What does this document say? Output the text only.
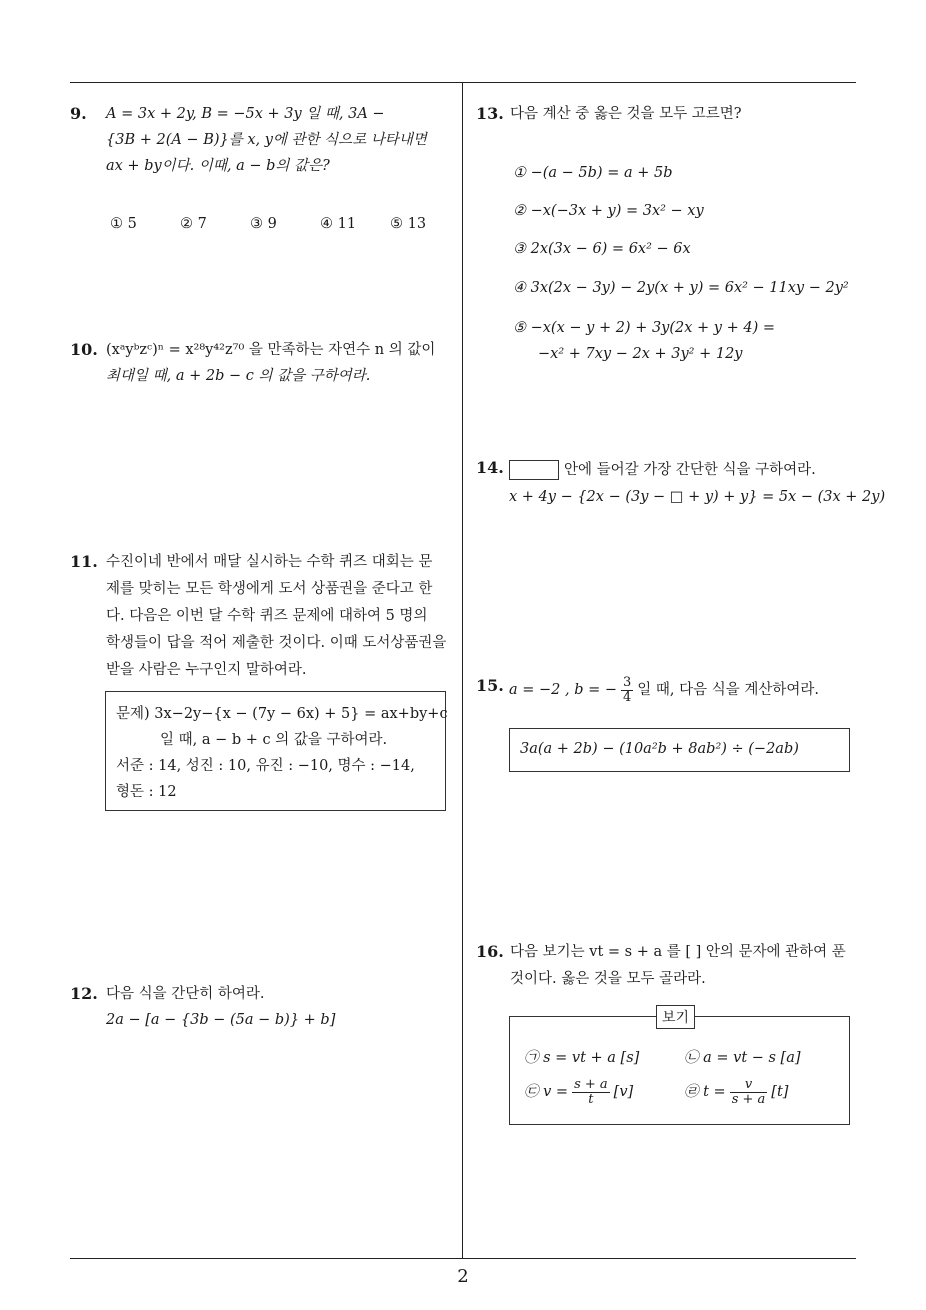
9. A = 3x + 2y, B = −5x + 3y 일 때, 3A −
{3B + 2(A − B)}를 x, y에 관한 식으로 나타내면
ax + by이다. 이때, a − b의 값은?
① 5	② 7	③ 9	④ 11 ⑤ 13
10. (xᵃyᵇzᶜ)ⁿ = x²⁸y⁴²z⁷⁰ 을 만족하는 자연수 n 의 값이
최대일 때, a + 2b − c 의 값을 구하여라.
11. 수진이네 반에서 매달 실시하는 수학 퀴즈 대회는 문
제를 맞히는 모든 학생에게 도서 상품권을 준다고 한
다. 다음은 이번 달 수학 퀴즈 문제에 대하여 5 명의
학생들이 답을 적어 제출한 것이다. 이때 도서상품권을
받을 사람은 누구인지 말하여라.
문제) 3x−2y−{x − (7y − 6x) + 5} = ax+by+c
일 때, a − b + c 의 값을 구하여라.
서준 : 14, 성진 : 10, 유진 : −10, 명수 : −14,
형돈 : 12
12. 다음 식을 간단히 하여라.
2a − [a − {3b − (5a − b)} + b]
13. 다음 계산 중 옳은 것을 모두 고르면?
① −(a − 5b) = a + 5b
② −x(−3x + y) = 3x² − xy
③ 2x(3x − 6) = 6x² − 6x
④ 3x(2x − 3y) − 2y(x + y) = 6x² − 11xy − 2y²
⑤ −x(x − y + 2) + 3y(2x + y + 4) =
−x² + 7xy − 2x + 3y² + 12y
14.	안에 들어갈 가장 간단한 식을 구하여라.
x + 4y − {2x − (3y − □ + y) + y} = 5x − (3x + 2y)
15. a = −2 , b = − $\frac{3}{4}$ 일 때, 다음 식을 계산하여라.
3a(a + 2b) − (10a²b + 8ab²) ÷ (−2ab)
16. 다음 보기는 vt = s + a 를 [ ] 안의 문자에 관하여 푼
것이다. 옳은 것을 모두 골라라.
보기
㉠ s = vt + a [s]	㉡ a = vt − s [a]
㉢ $v = \frac{s + a}{t} [v]$	㉣ $t = \frac{v}{s + a} [t]$
2
